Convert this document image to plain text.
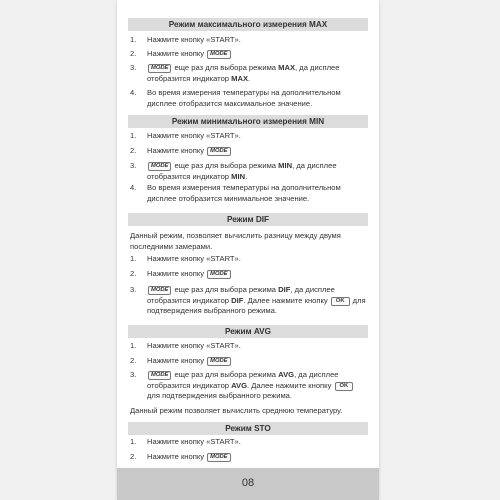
Режим максимального измерения MAX
1. Нажмите кнопку «START».
2. Нажмите кнопку MODE
3.	MODE еще раз для выбора режима MAX, да дисплее отобразится индикатор MAX.
4. Во время измерения температуры на дополнительном дисплее отобразится максимальное значение.
Режим минимального измерения MIN
1. Нажмите кнопку «START».
2. Нажмите кнопку MODE
3.	MODE еще раз для выбора режима MIN, да дисплее отобразится индикатор MIN.
4. Во время измерения температуры на дополнительном дисплее отобразится минимальное значение.
Режим DIF
Данный режим, позволяет вычислить разницу между двумя последними замерами.
1. Нажмите кнопку «START».
2. Нажмите кнопку MODE
3.	MODE еще раз для выбора режима DIF, да дисплее отобразится индикатор DIF. Далее нажмите кнопку OK для подтверждения выбранного режима.
Режим AVG
1. Нажмите кнопку «START».
2. Нажмите кнопку MODE
3.	MODE еще раз для выбора режима AVG, да дисплее отобразится индикатор AVG. Далее нажмите кнопку OK для подтверждения выбранного режима.
Данный режим позволяет вычислить среднюю температуру.
Режим STO
1. Нажмите кнопку «START».
2. Нажмите кнопку MODE
08
